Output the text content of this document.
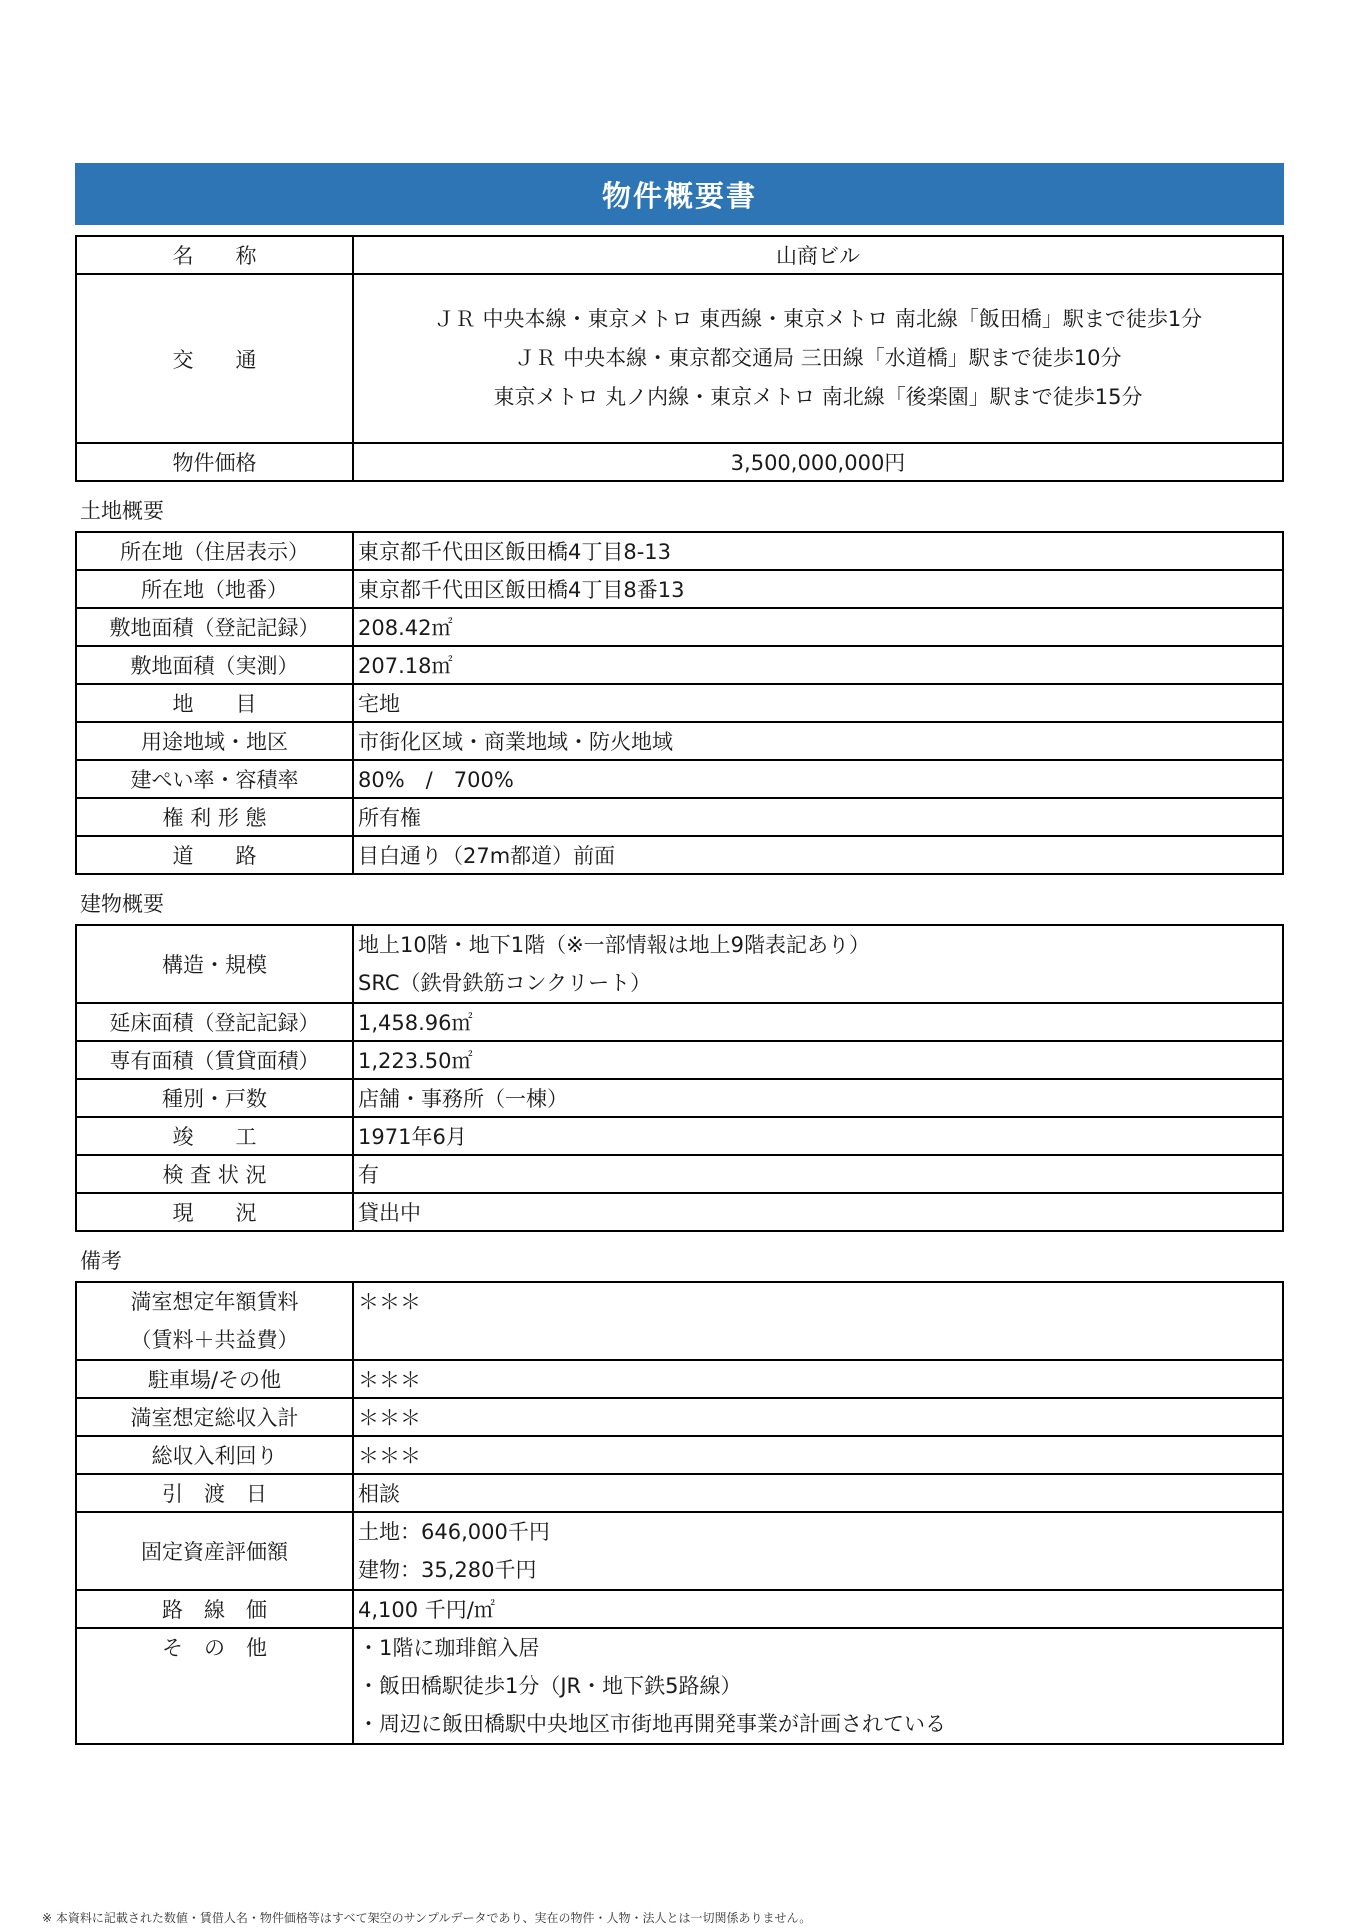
物件概要書
名　　称	山商ビル
交　　通	ＪＲ 中央本線・東京メトロ 東西線・東京メトロ 南北線「飯田橋」駅まで徒歩1分
ＪＲ 中央本線・東京都交通局 三田線「水道橋」駅まで徒歩10分
東京メトロ 丸ノ内線・東京メトロ 南北線「後楽園」駅まで徒歩15分

物件価格	3,500,000,000円
土地概要
所在地（住居表示）	東京都千代田区飯田橋4丁目8-13
所在地（地番）	東京都千代田区飯田橋4丁目8番13
敷地面積（登記記録）	208.42㎡
敷地面積（実測）	207.18㎡
地　　目	宅地
用途地域・地区	市街化区域・商業地域・防火地域
建ぺい率・容積率	80%　/　700%
権 利 形 態	所有権
道　　路	目白通り（27m都道）前面
建物概要
構造・規模	地上10階・地下1階（※一部情報は地上9階表記あり）
SRC（鉄骨鉄筋コンクリート）

延床面積（登記記録）	1,458.96㎡
専有面積（賃貸面積）	1,223.50㎡
種別・戸数	店舗・事務所（一棟）
竣　　工	1971年6月
検 査 状 況	有
現　　況	貸出中
備考
満室想定年額賃料
（賃料＋共益費）	＊＊＊

駐車場/その他	＊＊＊
満室想定総収入計	＊＊＊
総収入利回り	＊＊＊
引　渡　日	相談
固定資産評価額	土地：646,000千円
建物：35,280千円

路　線　価	4,100 千円/㎡

そ　の　他	・1階に珈琲館入居
・飯田橋駅徒歩1分（JR・地下鉄5路線）
・周辺に飯田橋駅中央地区市街地再開発事業が計画されている
※ 本資料に記載された数値・賃借人名・物件価格等はすべて架空のサンプルデータであり、実在の物件・人物・法人とは一切関係ありません。
